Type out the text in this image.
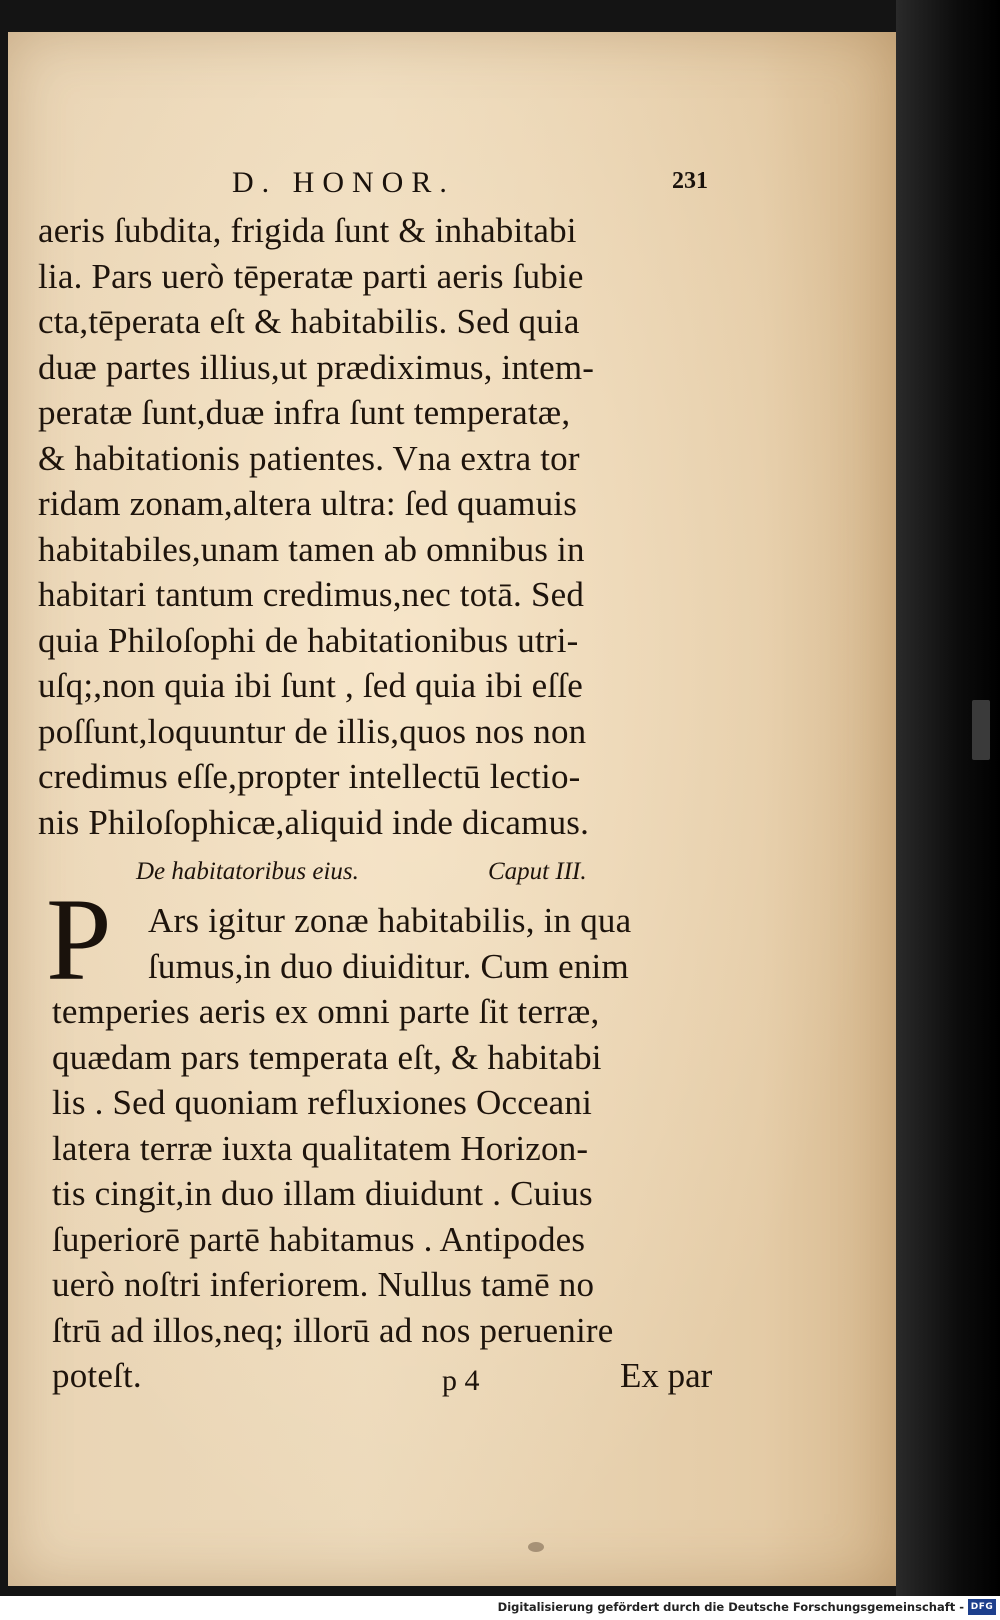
D. HONOR.	231
aeris ſubdita, frigida ſunt & inhabitabi
lia. Pars uerò tēperatæ parti aeris ſubie
cta,tēperata eſt & habitabilis. Sed quia
duæ partes illius,ut prædiximus, intem-
peratæ ſunt,duæ infra ſunt temperatæ,
& habitationis patientes. Vna extra tor
ridam zonam,altera ultra: ſed quamuis
habitabiles,unam tamen ab omnibus in
habitari tantum credimus,nec totā. Sed
quia Philoſophi de habitationibus utri-
uſq;,non quia ibi ſunt , ſed quia ibi eſſe
poſſunt,loquuntur de illis,quos nos non
credimus eſſe,propter intellectū lectio-
nis Philoſophicæ,aliquid inde dicamus.
De habitatoribus eius.	Caput III.
P	Ars igitur zonæ habitabilis, in qua
ſumus,in duo diuiditur. Cum enim
temperies aeris ex omni parte ſit terræ,
quædam pars temperata eſt, & habitabi
lis . Sed quoniam refluxiones Occeani
latera terræ iuxta qualitatem Horizon-
tis cingit,in duo illam diuidunt . Cuius
ſuperiorē partē habitamus . Antipodes
uerò noſtri inferiorem. Nullus tamē no
ſtrū ad illos,neq; illorū ad nos peruenire
poteſt.	p 4	Ex par
Digitalisierung gefördert durch die Deutsche Forschungsgemeinschaft - DFG
